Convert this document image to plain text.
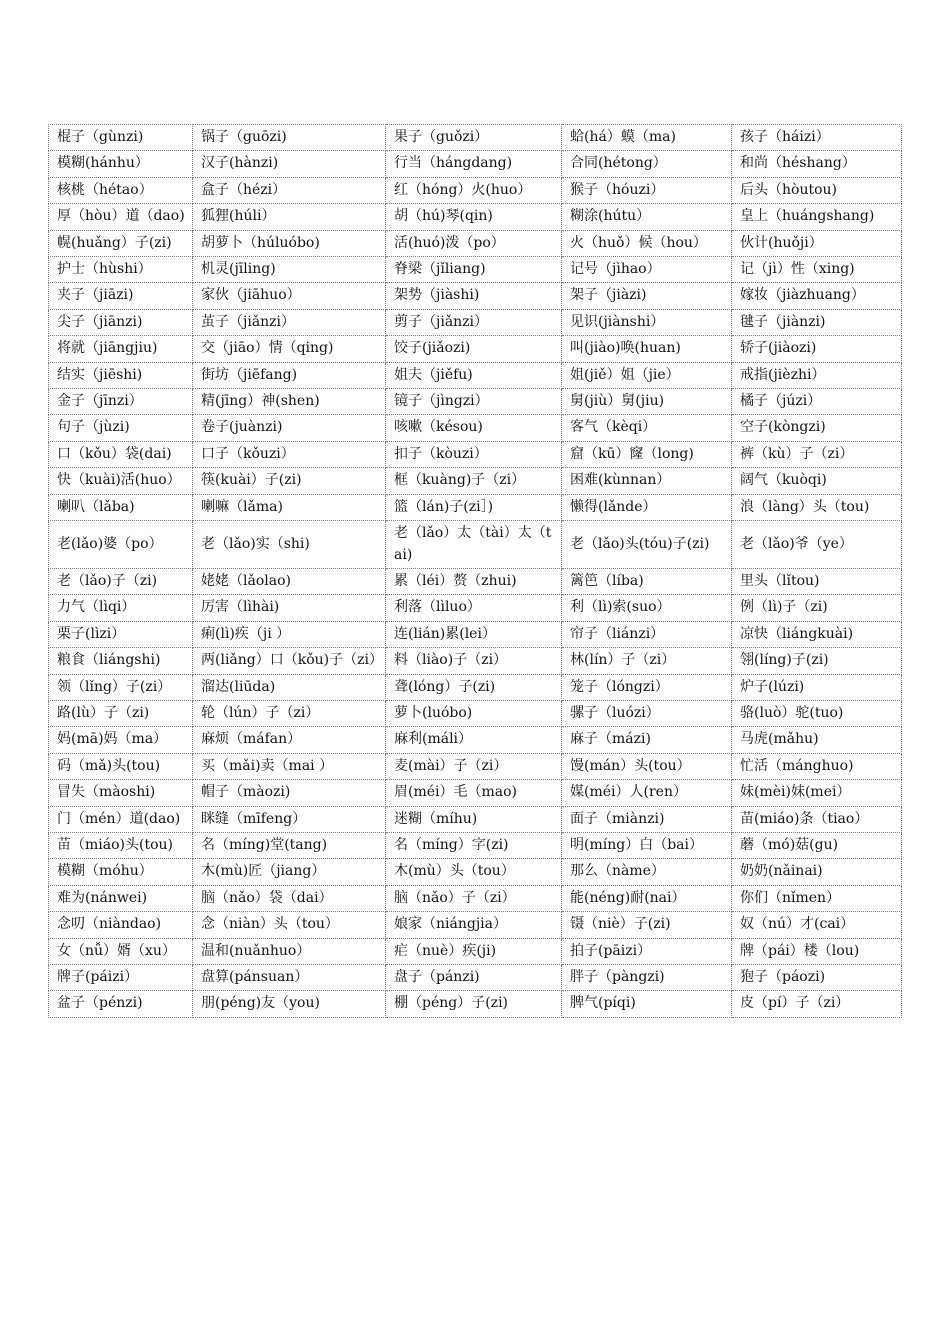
棍子（gùnzi)	锅子（guōzi)	果子（guǒzi）	蛤(há）蟆（ma)	孩子（háizi）
模糊(hánhu）	汉子(hànzi)	行当（hángdang)	合同(hétong）	和尚（héshang）
核桃（hétao）	盒子（hézi）	红（hóng）火(huo）	猴子（hóuzi）	后头（hòutou)
厚（hòu）道（dao)	狐狸(húli）	胡（hú)琴(qin)	糊涂(hútu）	皇上（huángshang)
幌(huǎng）子(zi)	胡萝卜（húluóbo)	活(huó)泼（po）	火（huǒ）候（hou）	伙计(huǒji）
护士（hùshi）	机灵(jīling)	脊梁（jǐliang)	记号（jìhao）	记（jì）性（xing)
夹子（jiāzi)	家伙（jiāhuo）	架势（jiàshi)	架子（jiàzi)	嫁妆（jiàzhuang）
尖子（jiānzi)	茧子（jiǎnzi）	剪子（jiǎnzi）	见识(jiànshi）	毽子（jiànzi)
将就（jiāngjiu)	交（jiāo）情（qing)	饺子(jiǎozi)	叫(jiào)唤(huan)	轿子(jiàozi)
结实（jiēshi)	街坊（jiēfang)	姐夫（jiěfu)	姐(jiě）姐（jie）	戒指(jièzhi）
金子（jīnzi）	精(jīng）神(shen)	镜子（jìngzi）	舅(jiù）舅(jiu)	橘子（júzi）
句子（jùzi)	卷子(juànzi)	咳嗽（késou)	客气（kèqi）	空子(kòngzi)
口（kǒu）袋(dai)	口子（kǒuzi）	扣子（kòuzi）	窟（kū）窿（long)	裤（kù）子（zi）
快（kuài)活(huo）	筷(kuài）子(zi)	框（kuàng)子（zi）	困难(kùnnan）	阔气（kuòqi)
喇叭（lǎba)	喇嘛（lǎma)	篮（lán)子(zi］)	懒得(lǎnde）	浪（làng）头（tou)
老(lǎo)婆（po）	老（lǎo)实（shi)	老（lǎo）太（tài）太（tai)	老（lǎo)头(tóu)子(zi)	老（lǎo)爷（ye）
老（lǎo)子（zi)	姥姥（lǎolao)	累（léi）赘（zhui)	篱笆（líba)	里头（lǐtou)
力气（lìqi）	厉害（lìhài)	利落（lìluo）	利（lì)索(suo）	例（lì)子（zi)
栗子(lìzi）	痢(lì)疾（ji ）	连(lián)累(lei）	帘子（liánzi）	凉快（liángkuài)
粮食（liángshi)	两(liǎng）口（kǒu)子（zi）	料（liào)子（zi）	林(lín）子（zi）	翎(líng)子(zi)
领（lǐng）子(zi）	溜达(liūda)	聋(lóng）子(zi)	笼子（lóngzi）	炉子(lúzi)
路(lù）子（zi)	轮（lún）子（zi）	萝卜(luóbo)	骡子（luózi）	骆(luò）驼(tuo)
妈(mā)妈（ma）	麻烦（máfan）	麻利(máli）	麻子（mázi)	马虎(mǎhu)
码（mǎ)头(tou)	买（mǎi)卖（mai ）	麦(mài）子（zi）	馒(mán）头(tou）	忙活（mánghuo)
冒失（màoshi)	帽子（màozi)	眉(méi）毛（mao)	媒(méi）人(ren）	妹(mèi)妹(mei）
门（mén）道(dao)	眯缝（mīfeng）	迷糊（míhu)	面子（miànzi)	苗(miáo)条（tiao）
苗（miáo)头(tou)	名（míng)堂(tang)	名（míng）字(zi)	明(míng）白（bai）	蘑（mó)菇(gu)
模糊（móhu）	木(mù)匠（jiang）	木(mù）头（tou）	那么（nàme）	奶奶(nǎinai)
难为(nánwei)	脑（nǎo）袋（dai）	脑（nǎo）子（zi）	能(néng)耐(nai）	你们（nǐmen）
念叨（niàndao)	念（niàn）头（tou）	娘家（niángjia）	镊（niè）子(zi)	奴（nú）才(cai）
女（nǚ）婿（xu）	温和(nuǎnhuo）	疟（nuè）疾(ji)	拍子(pāizi）	牌（pái）楼（lou)
牌子(páizi）	盘算(pánsuan）	盘子（pánzi)	胖子（pàngzi)	狍子（páozi)
盆子（pénzi)	朋(péng)友（you)	棚（péng）子(zi)	脾气(píqi)	皮（pí）子（zi）
